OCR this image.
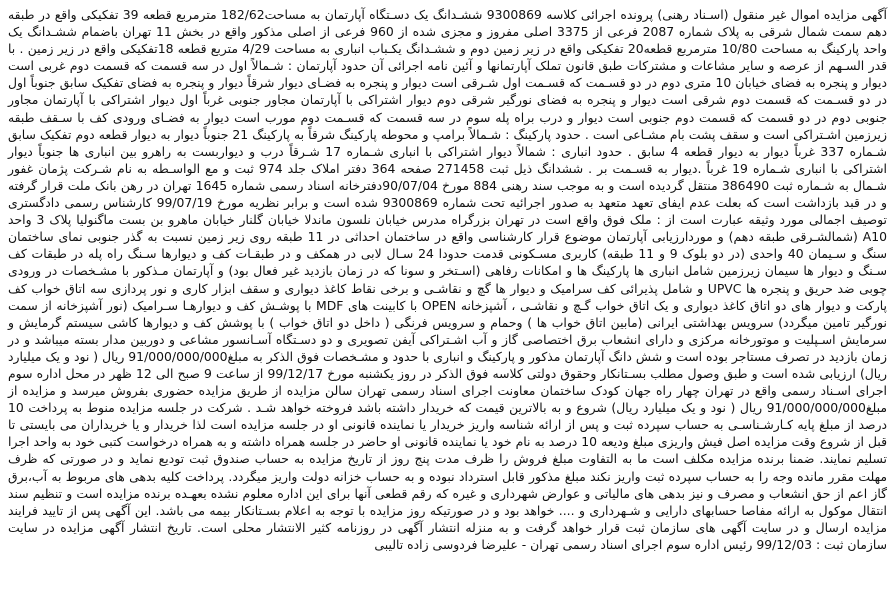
آگهی مزایده اموال غیر منقول (اسـناد رهنی) پرونده اجرائی کلاسه 9300869 ششـدانگ یک دسـتگاه آپارتمان به مساحت182/62 مترمربع قطعه 39 تفکیکی واقع در طبقه دهم سمت شمال شرقی به پلاک شماره 2087 فرعی از 3375 اصلی مفروز و مجزی شده از 960 فرعی از اصلی مذکور واقع در بخش 11 تهران باضمام ششـدانگ یک واحد پارکینگ به مساحت 10/80 مترمربع قطعه20 تفکیکی واقع در زیر زمین دوم و ششـدانگ یکـباب انباری به مساحت 4/29 متربع قطعه 18تفکیکی واقع در زیر زمین . با قدر السـهم از عرصه و سایر مشاعات و مشترکات طبق قانون تملک آپارتمانها و آئین نامه اجرائی آن حدود آپارتمان : شـمالاً اول در سه قسمت که قسمت دوم غربی است دیوار و پنجره به فضای خیابان 10 متری دوم در دو قسـمت که قسـمت اول شـرقی است دیوار و پنجره به فضـای دیوار شرقاً دیوار و پنجره به فضای تفکیک سابق جنوباً اول در دو قسـمت که قسمت دوم شرقی است دیوار و پنجره به فضای نورگیر شرقی دوم دیوار اشتراکی با آپارتمان مجاور جنوبی غرباً اول دیوار اشتراکی با آپارتمان مجاور جنوبی دوم در دو قسمت که قسمت دوم جنوبی است دیوار و درب براه پله سوم در سه قسمت که قسـمت دوم مورب است دیوار به فضـای ورودی کف با سـقف طبقه زیرزمین اشـتراکی است و سقف پشت بام مشـاعی است . حدود پارکینگ : شـمالاً برامپ و محوطه پارکینگ شرقاً به پارکینگ 21 جنوباً دیوار به دیوار قطعه دوم تفکیک سابق شـماره 337 غرباً دیوار به دیوار قطعه 4 سابق . حدود انباری : شمالاً دیوار اشتراکی با انباری شـماره 17 شـرقاً درب و دیواربست به راهرو بین انباری ها جنوباً دیوار اشتراکی با انباری شـماره 19 غرباً .دیوار به قسـمت بر . ششدانگ ذیل ثبت 271458 صفحه 364 دفتر املاک جلد 974 ثبت و مع الواسـطه به نام شـرکت پژمان غفور شـمال به شـماره ثبت 386490 منتقل گردیده است و به موجب سند رهنی 884 مورخ 90/07/04دفترخانه اسناد رسمی شماره 1645 تهران در رهن بانک ملت قرار گرفته و در قبد بازداشت است که بعلت عدم ایفای تعهد متعهد به صدور اجرائیه تحت شماره 9300869 شده است و برابر نظریه مورخ 99/07/19 کارشناس رسمی دادگستری توصیف اجمالی مورد وثیقه عبارت است از : ملک فوق واقع است در تهران بزرگراه مدرس خیابان نلسون ماندلا خیابان گلنار خیابان ماهرو بن بست ماگنولیا پلاک 3 واحد A10 (شمالشـرقی طبقه دهم) و موردارزیابی آپارتمان موضوع قرار کارشناسی واقع در ساختمان احداثی در 11 طبقه روی زیر زمین نسبت به گذر جنوبی نمای ساختمان سنگ و سـیمان 40 واحدی (در دو بلوک 9 و 11 طبقه) کاربری مسـکونی قدمت حدودا 24 سـال لابی در همکف و در طبقـات کف و دیوارها سـنگ راه پله در طبقات کف سـنگ و دیوار ها سیمان زیرزمین شامل انباری ها پارکینگ ها و امکانات رفاهی (اسـتخر و سونا که در زمان بازدید غیر فعال بود) و آپارتمان مـذکور با مشـخصات در ورودی چوبی ضد حریق و پنجره ها UPVC و شامل پذیرائی کف سرامیک و دیوار ها گچ و نقاشـی و برخی نقاط کاغذ دیواری و سقف ابزار کاری و نور پردازی سه اتاق خواب کف پارکت و دیوار های دو اتاق کاغذ دیواری و یک اتاق خواب گـچ و نقاشـی ، آشپزخانه OPEN با کابینت های MDF با پوشـش کف و دیوارهـا سـرامیک (نور آشپزخانه از سمت نورگیر تامین میگردد) سرویس بهداشتی ایرانی (مابین اتاق خواب ها ) وحمام و سرویس فرنگی ( داخل دو اتاق خواب ) با پوشش کف و دیوارها کاشی سیستم گرمایش و سرمایش اسـپلیت و موتورخانه مرکزی و دارای انشعاب برق اختصاصی گاز و آب اشـتراکی آیفن تصویری و دو دسـتگاه آسـانسور مشاعی و دوربین مدار بسته میباشد و در زمان بازدید در تصرف مستاجر بوده است و شش دانگ آپارتمان مذکور و پارکینگ و انباری با حدود و مشـخصات فوق الذکر به مبلغ91/000/000/000 ریال ( نود و یک میلیارد ریال) ارزیابی شده است و طبق وصول مطلب بسـتانکار وحقوق دولتی کلاسه فوق الذکر در روز یکشنبه مورخ 99/12/17 از ساعت 9 صبح الی 12 ظهر در محل اداره سوم اجرای اسـناد رسمی واقع در تهران چهار راه جهان کودک ساختمان معاونت اجرای اسناد رسمی تهران سالن مزایده از طریق مزایده حضوری بفروش میرسد و مزایده از مبلغ91/000/000/000 ریال ( نود و یک میلیارد ریال) شروع و به بالاترین قیمت که خریدار داشته باشد فروخته خواهد شـد . شرکت در جلسه مزایده منوط به پرداخت 10 درصد از مبلغ پایه کـارشـناسـی به حساب سپرده ثبت و پس از ارائه شناسه واریز خریدار یا نماینده قانونی او در جلسه مزایده است لذا خریدار و یا خریداران می بایستی تا قبل از شروع وقت مزایده اصل فیش واریزی مبلغ ودیعه 10 درصد به نام خود یا نماینده قانونی او حاضر در جلسه همراه داشته و به همراه درخواست کتبی خود به واحد اجرا تسلیم نمایند. ضمنا برنده مزایده مکلف است ما به التفاوت مبلغ فروش را ظرف مدت پنج روز از تاریخ مزایده به حساب صندوق ثبت تودیع نماید و در صورتی که ظرف مهلت مقرر مانده وجه را به حساب سپرده ثبت واریز نکند مبلغ مذکور قابل استرداد نبوده و به حساب خزانه دولت واریز میگردد. پرداخت کلیه بدهی های مربوط به آب،برق گاز اعم از حق انشعاب و مصرف و نیز بدهی های مالیاتی و عوارض شهرداری و غیره که رقم قطعی آنها برای این اداره معلوم نشده بعهـده برنده مزایده است و تنظیم سند انتقال موکول به ارائه مفاصا حسابهای دارایی و شـهرداری و .... خواهد بود و در صورتیکه روز مزایده با توجه به اعلام بسـتانکار بیمه می باشد. این آگهی پس از تایید فرایند مزایده ارسال و در سایت آگهی های سازمان ثبت قرار خواهد گرفت و به منزله انتشار آگهی در روزنامه کثیر الانتشار محلی است. تاریخ انتشار آگهی مزایده در سایت سازمان ثبت : 99/12/03 رئیس اداره سوم اجرای اسناد رسمی تهران - علیرضا فردوسی زاده تالیبی
